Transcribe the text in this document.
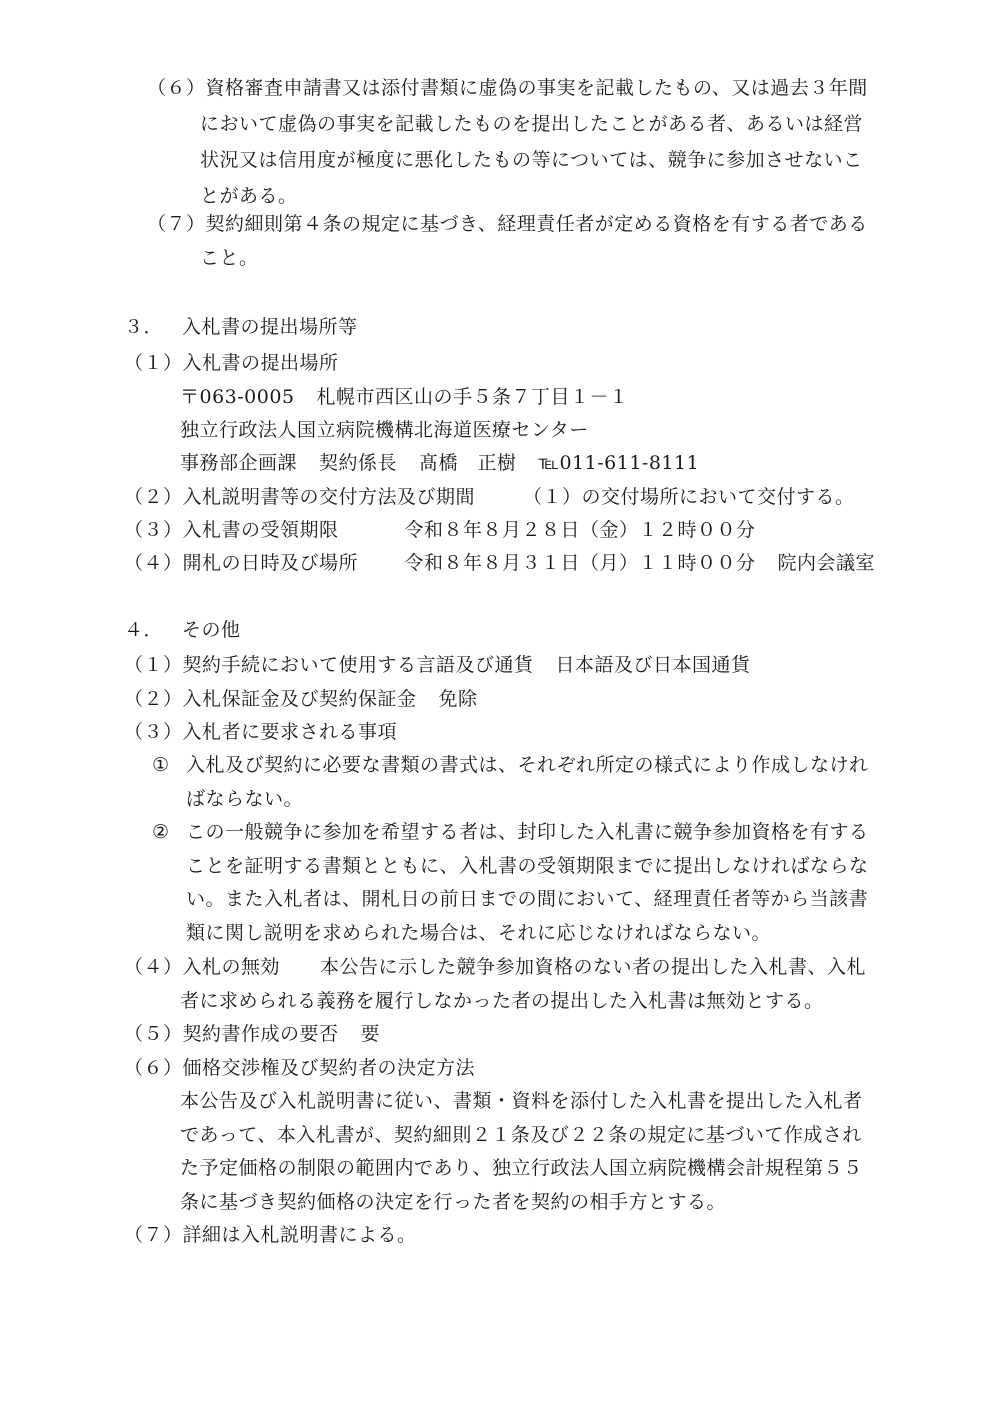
（６）資格審査申請書又は添付書類に虚偽の事実を記載したもの、又は過去３年間
において虚偽の事実を記載したものを提出したことがある者、あるいは経営
状況又は信用度が極度に悪化したもの等については、競争に参加させないこ
とがある。
（７）契約細則第４条の規定に基づき、経理責任者が定める資格を有する者である
こと。
３． 入札書の提出場所等
（１）入札書の提出場所
〒063-0005 札幌市西区山の手５条７丁目１－１
独立行政法人国立病院機構北海道医療センター
事務部企画課 契約係長 髙橋　正樹 ℡011-611-8111
（２）入札説明書等の交付方法及び期間	（１）の交付場所において交付する。
（３）入札書の受領期限	令和８年８月２８日（金）１２時００分
（４）開札の日時及び場所 令和８年８月３１日（月）１１時００分 院内会議室
４． その他
（１）契約手続において使用する言語及び通貨 日本語及び日本国通貨
（２）入札保証金及び契約保証金 免除
（３）入札者に要求される事項
① 入札及び契約に必要な書類の書式は、それぞれ所定の様式により作成しなけれ
ばならない。
② この一般競争に参加を希望する者は、封印した入札書に競争参加資格を有する
ことを証明する書類とともに、入札書の受領期限までに提出しなければならな
い。また入札者は、開札日の前日までの間において、経理責任者等から当該書
類に関し説明を求められた場合は、それに応じなければならない。
（４）入札の無効 本公告に示した競争参加資格のない者の提出した入札書、入札
者に求められる義務を履行しなかった者の提出した入札書は無効とする。
（５）契約書作成の要否 要
（６）価格交渉権及び契約者の決定方法
本公告及び入札説明書に従い、書類・資料を添付した入札書を提出した入札者
であって、本入札書が、契約細則２１条及び２２条の規定に基づいて作成され
た予定価格の制限の範囲内であり、独立行政法人国立病院機構会計規程第５５
条に基づき契約価格の決定を行った者を契約の相手方とする。
（７）詳細は入札説明書による。
